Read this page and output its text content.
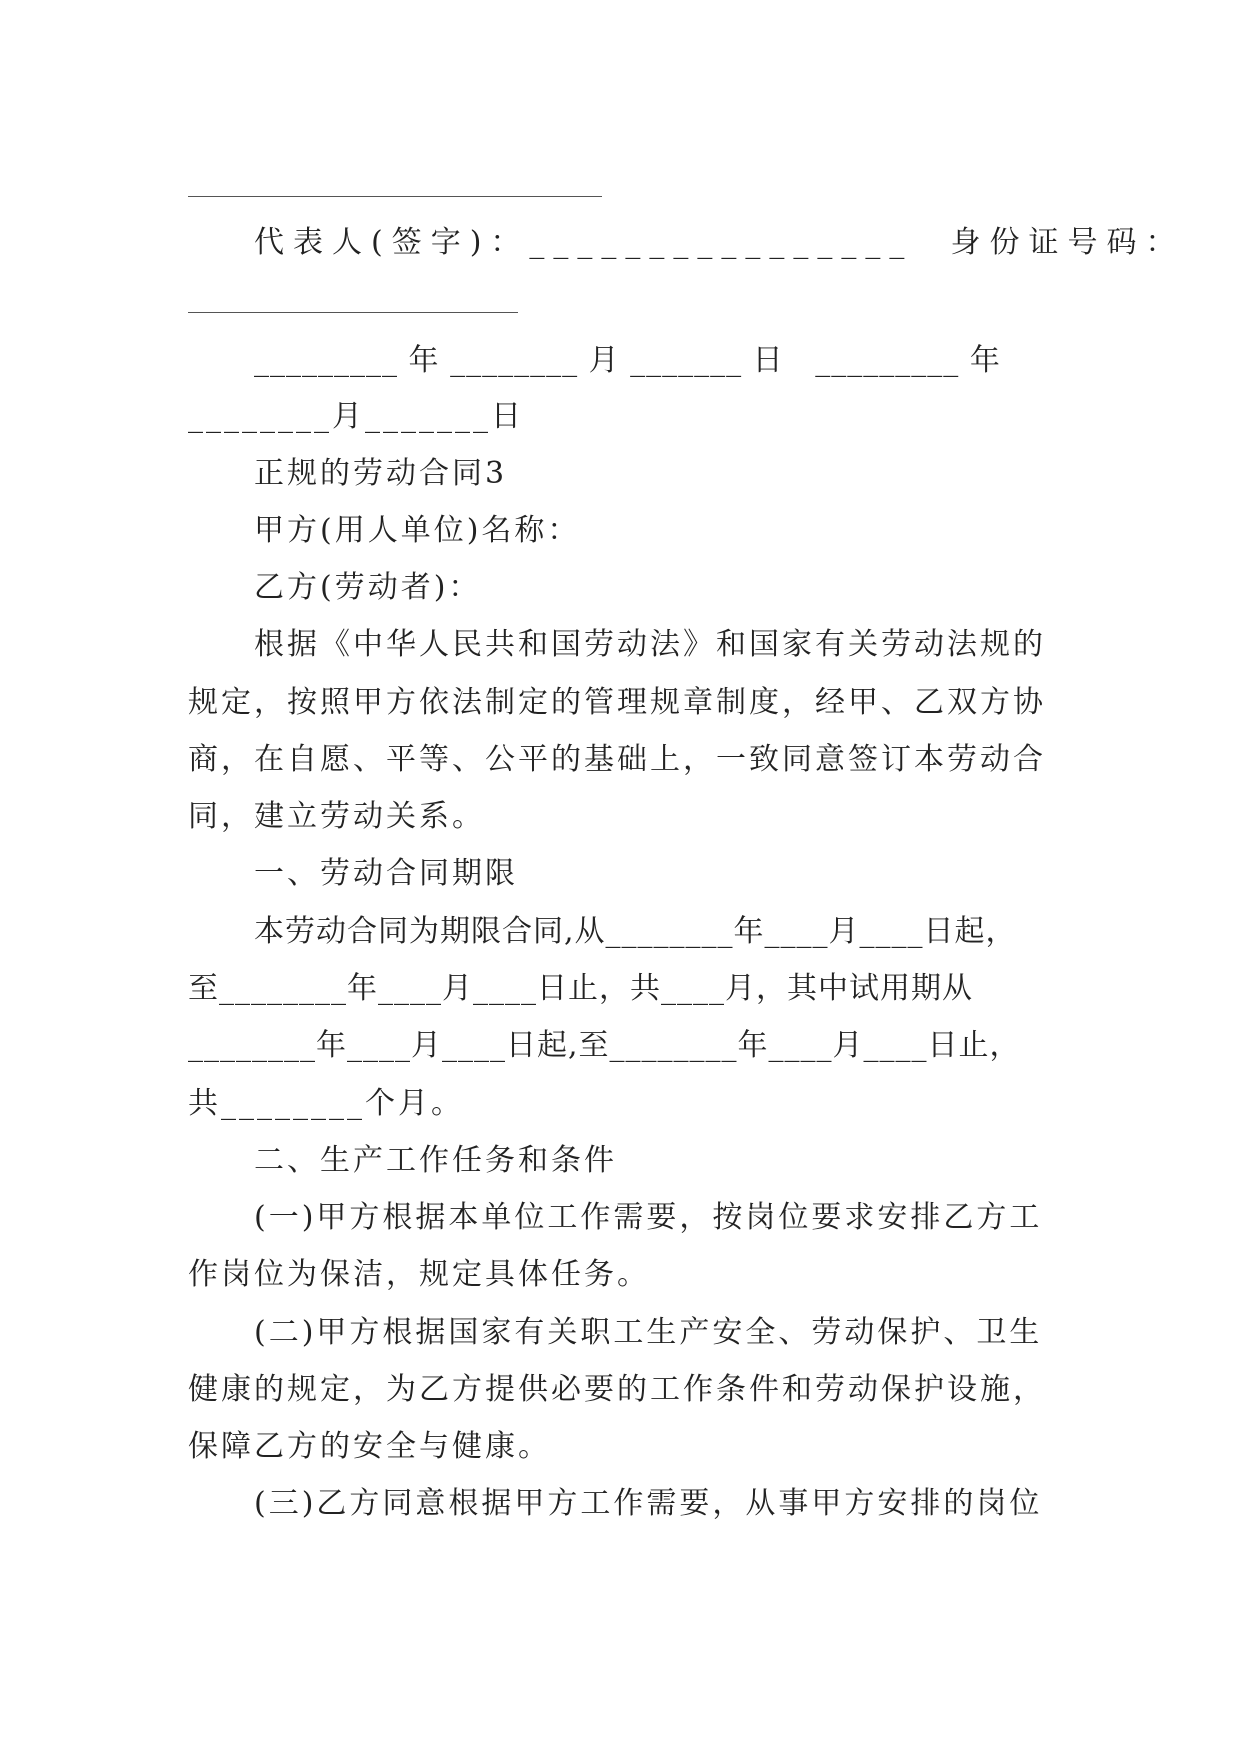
代表人(签字)：________________  身份证号码：

_________ 年 ________ 月 _______ 日   _________ 年

________月_______日

正规的劳动合同3

甲方(用人单位)名称：

乙方(劳动者)：

根据《中华人民共和国劳动法》和国家有关劳动法规的

规定，按照甲方依法制定的管理规章制度，经甲、乙双方协

商，在自愿、平等、公平的基础上，一致同意签订本劳动合

同，建立劳动关系。

一、劳动合同期限

本劳动合同为期限合同,从________年____月____日起，

至________年____月____日止，共____月，其中试用期从

________年____月____日起,至________年____月____日止，

共________个月。

二、生产工作任务和条件

(一)甲方根据本单位工作需要，按岗位要求安排乙方工

作岗位为保洁，规定具体任务。

(二)甲方根据国家有关职工生产安全、劳动保护、卫生

健康的规定，为乙方提供必要的工作条件和劳动保护设施，

保障乙方的安全与健康。

(三)乙方同意根据甲方工作需要，从事甲方安排的岗位
